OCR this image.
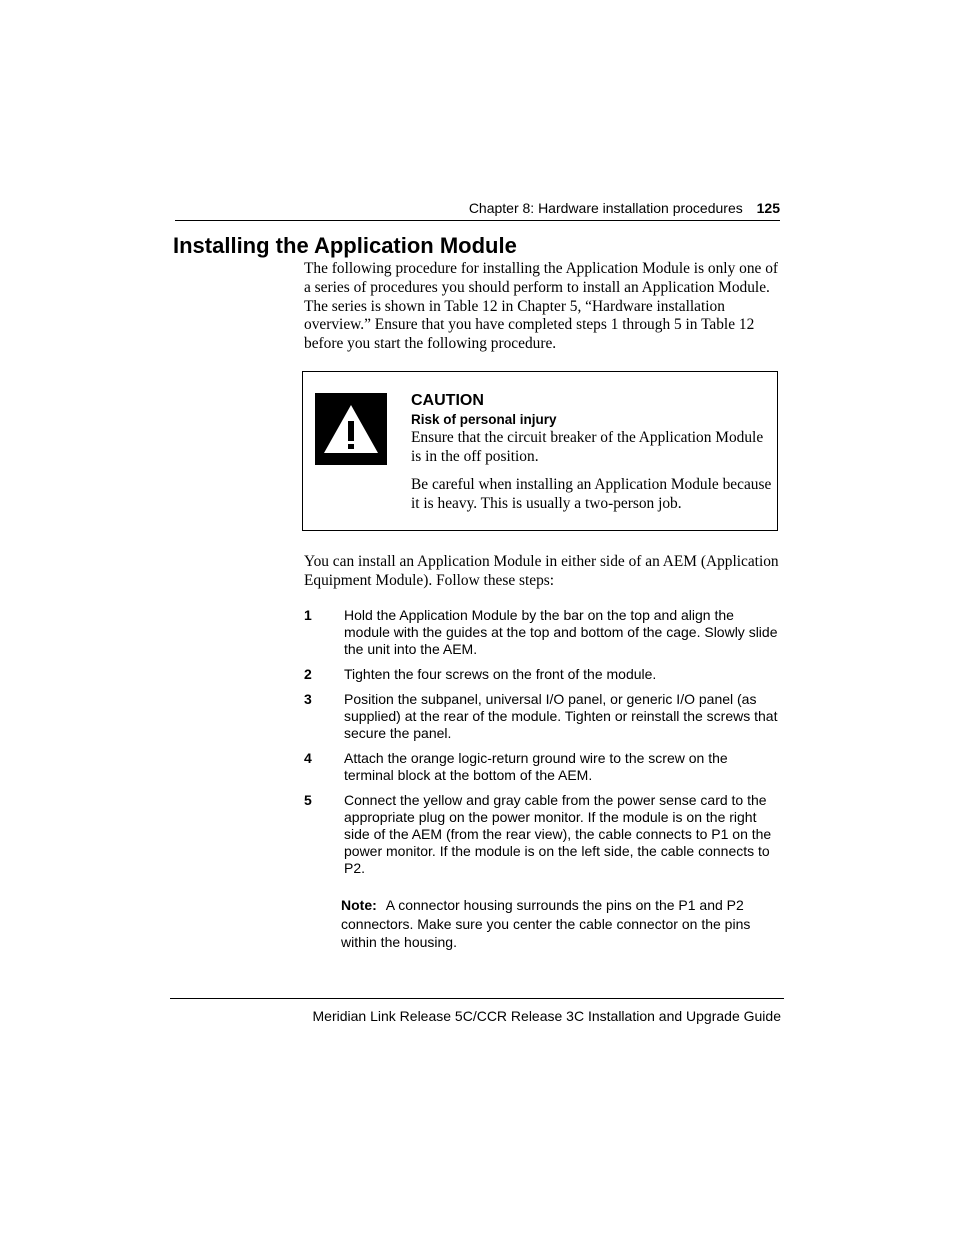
Chapter 8: Hardware installation procedures 125
Installing the Application Module

The following procedure for installing the Application Module is only one of a series of procedures you should perform to install an Application Module. The series is shown in Table 12 in Chapter 5, “Hardware installation overview.” Ensure that you have completed steps 1 through 5 in Table 12 before you start the following procedure.

CAUTION

Risk of personal injury

Ensure that the circuit breaker of the Application Module is in the off position.

Be careful when installing an Application Module because it is heavy. This is usually a two-person job.

You can install an Application Module in either side of an AEM (Application Equipment Module). Follow these steps:

1 Hold the Application Module by the bar on the top and align the module with the guides at the top and bottom of the cage. Slowly slide the unit into the AEM.
2 Tighten the four screws on the front of the module.
3 Position the subpanel, universal I/O panel, or generic I/O panel (as supplied) at the rear of the module. Tighten or reinstall the screws that secure the panel.
4 Attach the orange logic-return ground wire to the screw on the terminal block at the bottom of the AEM.
5 Connect the yellow and gray cable from the power sense card to the appropriate plug on the power monitor. If the module is on the right side of the AEM (from the rear view), the cable connects to P1 on the power monitor. If the module is on the left side, the cable connects to P2.

Note: A connector housing surrounds the pins on the P1 and P2 connectors. Make sure you center the cable connector on the pins within the housing.

Meridian Link Release 5C/CCR Release 3C Installation and Upgrade Guide
